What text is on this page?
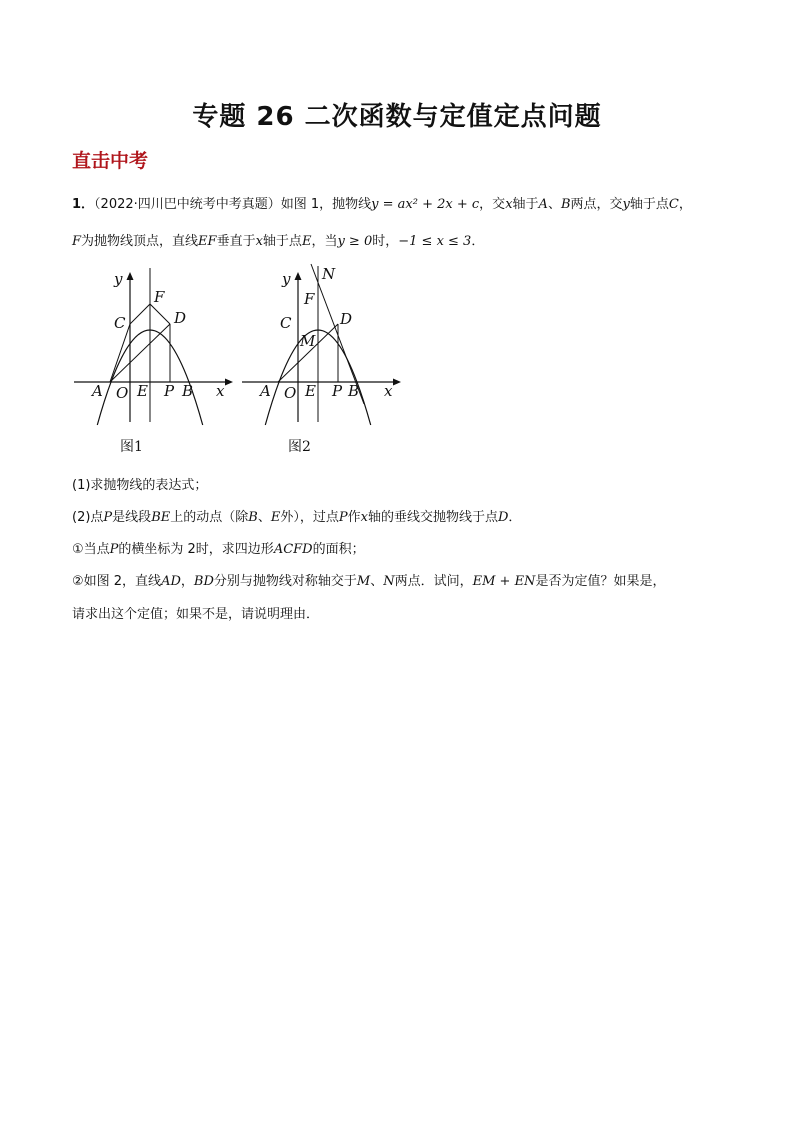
专题 26 二次函数与定值定点问题
直击中考
1．（2022·四川巴中统考中考真题）如图 1，抛物线y = ax² + 2x + c，交x轴于A、B两点，交y轴于点C，
F为抛物线顶点，直线EF垂直于x轴于点E，当y ≥ 0时，−1 ≤ x ≤ 3．
y
x
F
C	D
A O E P B
图1
y
x
N
F
C
M
D
A O E P B
图2
(1)求抛物线的表达式；
(2)点P是线段BE上的动点（除B、E外），过点P作x轴的垂线交抛物线于点D．
①当点P的横坐标为 2时，求四边形ACFD的面积；
②如图 2，直线AD，BD分别与抛物线对称轴交于M、N两点．试问，EM + EN是否为定值？如果是，
请求出这个定值；如果不是，请说明理由．
